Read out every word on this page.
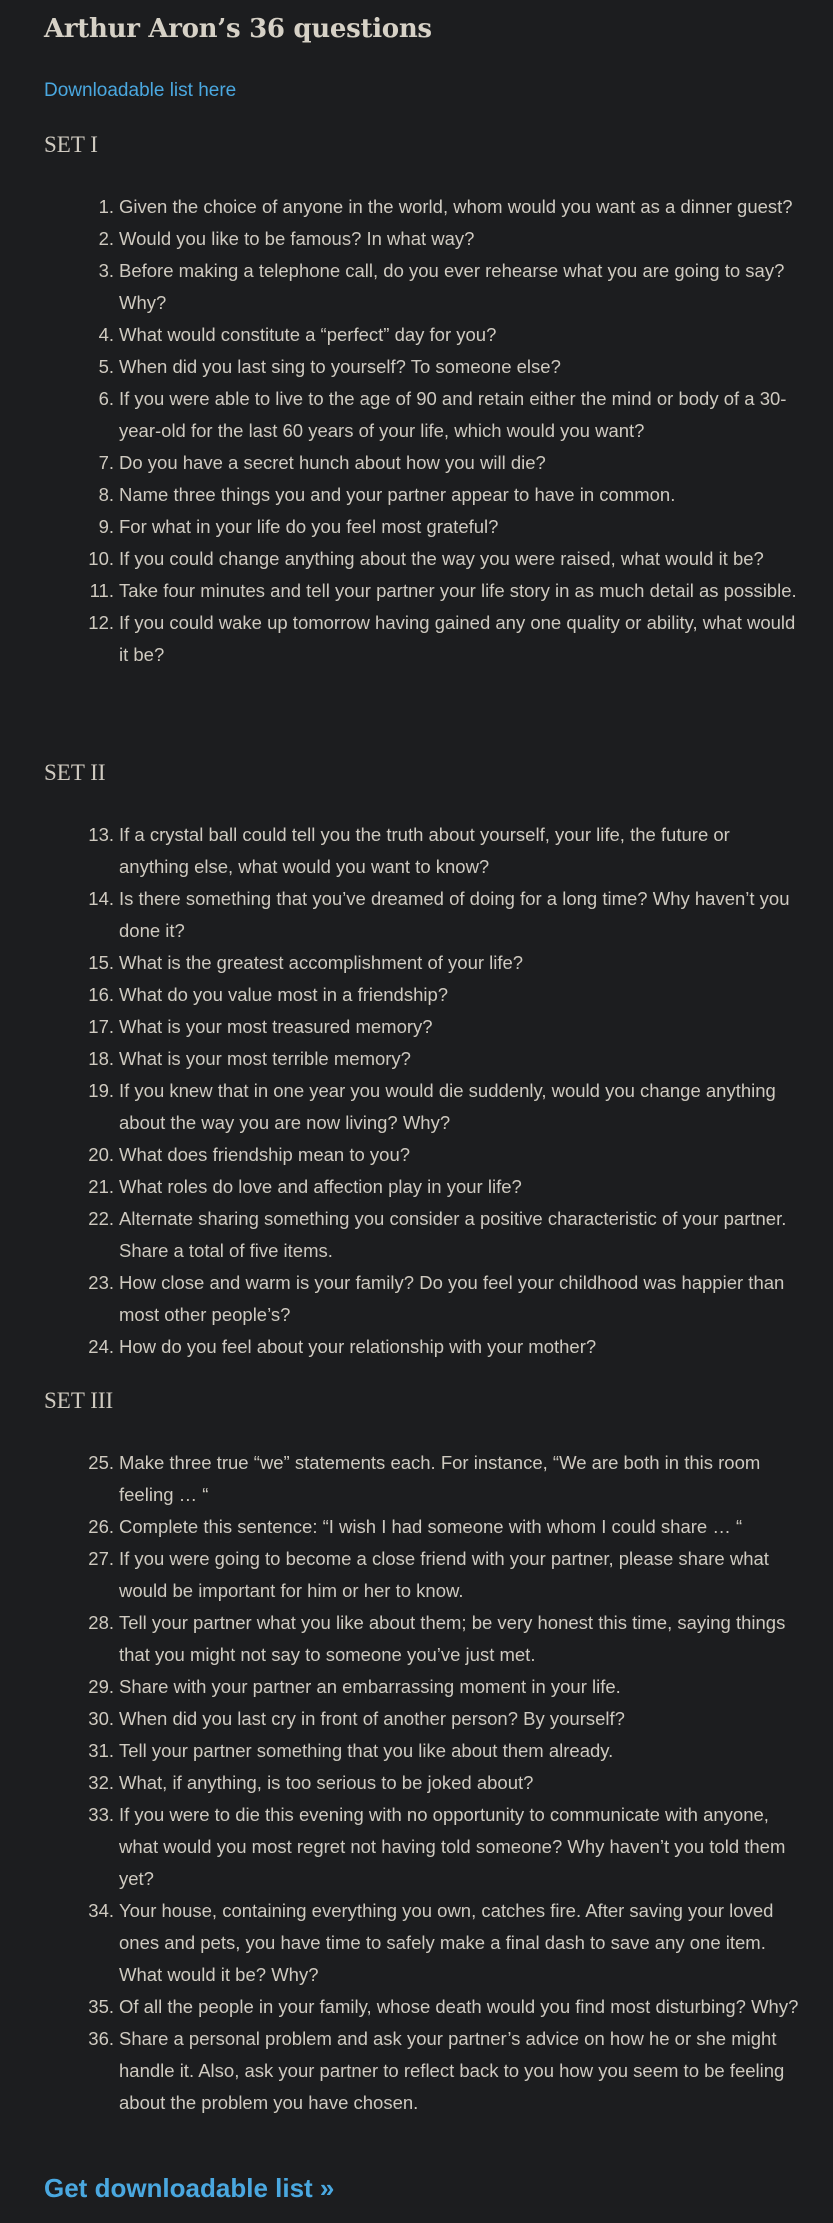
Arthur Aron’s 36 questions
Downloadable list here
SET I
1. Given the choice of anyone in the world, whom would you want as a dinner guest?
2. Would you like to be famous? In what way?
3. Before making a telephone call, do you ever rehearse what you are going to say? Why?
4. What would constitute a “perfect” day for you?
5. When did you last sing to yourself? To someone else?
6. If you were able to live to the age of 90 and retain either the mind or body of a 30-year-old for the last 60 years of your life, which would you want?
7. Do you have a secret hunch about how you will die?
8. Name three things you and your partner appear to have in common.
9. For what in your life do you feel most grateful?
10. If you could change anything about the way you were raised, what would it be?
11. Take four minutes and tell your partner your life story in as much detail as possible.
12. If you could wake up tomorrow having gained any one quality or ability, what would it be?
SET II
13. If a crystal ball could tell you the truth about yourself, your life, the future or anything else, what would you want to know?
14. Is there something that you’ve dreamed of doing for a long time? Why haven’t you done it?
15. What is the greatest accomplishment of your life?
16. What do you value most in a friendship?
17. What is your most treasured memory?
18. What is your most terrible memory?
19. If you knew that in one year you would die suddenly, would you change anything about the way you are now living? Why?
20. What does friendship mean to you?
21. What roles do love and affection play in your life?
22. Alternate sharing something you consider a positive characteristic of your partner. Share a total of five items.
23. How close and warm is your family? Do you feel your childhood was happier than most other people’s?
24. How do you feel about your relationship with your mother?
SET III
25. Make three true “we” statements each. For instance, “We are both in this room feeling … “
26. Complete this sentence: “I wish I had someone with whom I could share … “
27. If you were going to become a close friend with your partner, please share what would be important for him or her to know.
28. Tell your partner what you like about them; be very honest this time, saying things that you might not say to someone you’ve just met.
29. Share with your partner an embarrassing moment in your life.
30. When did you last cry in front of another person? By yourself?
31. Tell your partner something that you like about them already.
32. What, if anything, is too serious to be joked about?
33. If you were to die this evening with no opportunity to communicate with anyone, what would you most regret not having told someone? Why haven’t you told them yet?
34. Your house, containing everything you own, catches fire. After saving your loved ones and pets, you have time to safely make a final dash to save any one item. What would it be? Why?
35. Of all the people in your family, whose death would you find most disturbing? Why?
36. Share a personal problem and ask your partner’s advice on how he or she might handle it. Also, ask your partner to reflect back to you how you seem to be feeling about the problem you have chosen.
Get downloadable list »
